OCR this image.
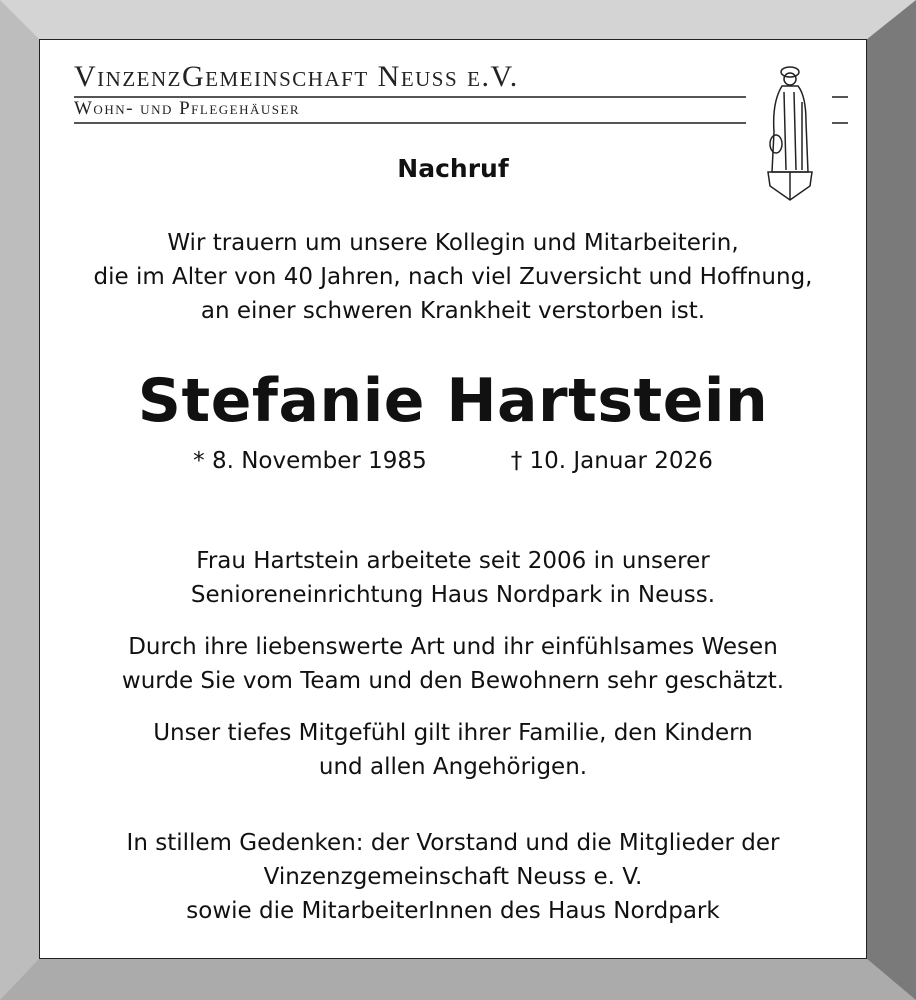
VinzenzGemeinschaft Neuss e.V.
Wohn- und Pflegehäuser
Nachruf
Wir trauern um unsere Kollegin und Mitarbeiterin,
die im Alter von 40 Jahren, nach viel Zuversicht und Hoffnung,
an einer schweren Krankheit verstorben ist.
Stefanie Hartstein
* 8. November 1985	† 10. Januar 2026
Frau Hartstein arbeitete seit 2006 in unserer
Senioreneinrichtung Haus Nordpark in Neuss.
Durch ihre liebenswerte Art und ihr einfühlsames Wesen
wurde Sie vom Team und den Bewohnern sehr geschätzt.
Unser tiefes Mitgefühl gilt ihrer Familie, den Kindern
und allen Angehörigen.
In stillem Gedenken: der Vorstand und die Mitglieder der
Vinzenzgemeinschaft Neuss e. V.
sowie die MitarbeiterInnen des Haus Nordpark
